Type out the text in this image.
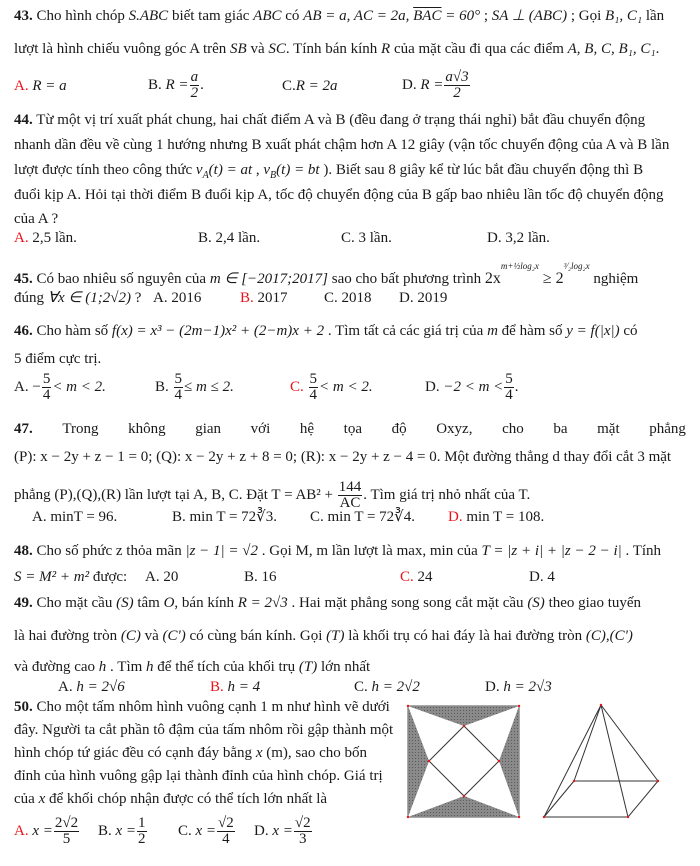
43. Cho hình chóp S.ABC biết tam giác ABC có AB = a, AC = 2a, $\overline{BAC} = 60^\circ$ ; SA ⊥ (ABC) ; Gọi B₁, C₁ lần
lượt là hình chiếu vuông góc A trên SB và SC. Tính bán kính R của mặt cầu đi qua các điểm A, B, C, B₁, C₁.
A. R = a	B. $R = \frac{a}{2}$ .	C.R = 2a	D. $R = \frac{a√3}{2}$
44. Từ một vị trí xuất phát chung, hai chất điểm A và B (đều đang ở trạng thái nghỉ) bắt đầu chuyển động
nhanh dần đều về cùng 1 hướng nhưng B xuất phát chậm hơn A 12 giây (vận tốc chuyển động của A và B lần
lượt được tính theo công thức $v_A(t)$ = at , $v_B(t)$ = bt ). Biết sau 8 giây kể từ lúc bắt đầu chuyển động thì B
đuổi kịp A. Hỏi tại thời điểm B đuổi kịp A, tốc độ chuyển động của B gấp bao nhiêu lần tốc độ chuyển động
của A ?
A. 2,5 lần.	B. 2,4 lần.	C. 3 lần.	D. 3,2 lần.
45. Có bao nhiêu số nguyên của m ∈ [−2017;2017] sao cho bất phương trình $2x^{m+\frac{1}{2}log_2x} \ge 2^{^3⁄_2log_2x}$ nghiệm
đúng ∀x ∈ (1;2√2) ? A. 2016	B. 2017 C. 2018 D. 2019
46. Cho hàm số f(x) = x³ − (2m−1)x² + (2−m)x + 2 . Tìm tất cả các giá trị của m để hàm số y = f(|x|) có
5 điểm cực trị.
A. − $\frac{5}{4} < m < 2$.	B. $\frac{5}{4} \le m \le 2$.	C. $\frac{5}{4} < m < 2$.	D. $-2 < m < \frac{5}{4}$ .
47. Trong không gian với hệ tọa độ Oxyz, cho ba mặt phẳng
(P): x − 2y + z − 1 = 0; (Q): x − 2y + z + 8 = 0; (R): x − 2y + z − 4 = 0. Một đường thẳng d thay đổi cắt 3 mặt
phẳng (P),(Q),(R) lần lượt tại A, B, C. Đặt $T = AB^2 + \frac{144}{AC}$ . Tìm giá trị nhỏ nhất của T.
A. minT = 96.	B. min T = 72∛3. C. min T = 72∛4. D. min T = 108.
48. Cho số phức z thỏa mãn |z − 1| = √2 . Gọi M, m lần lượt là max, min của T = |z + i| + |z − 2 − i| . Tính
S = M² + m² được: A. 20	B. 16	C. 24	D. 4
49. Cho mặt cầu (S) tâm O, bán kính R = 2√3 . Hai mặt phẳng song song cắt mặt cầu (S) theo giao tuyến
là hai đường tròn (C) và (C') có cùng bán kính. Gọi (T) là khối trụ có hai đáy là hai đường tròn (C),(C')
và đường cao h . Tìm h để thể tích của khối trụ (T) lớn nhất
A. h = 2√6	B. h = 4	C. h = 2√2	D. h = 2√3
50. Cho một tấm nhôm hình vuông cạnh 1 m như hình vẽ dưới
đây. Người ta cắt phần tô đậm của tấm nhôm rồi gập thành một
hình chóp tứ giác đều có cạnh đáy bằng x (m), sao cho bốn
đỉnh của hình vuông gập lại thành đỉnh của hình chóp. Giá trị
của x để khối chóp nhận được có thể tích lớn nhất là
A. $x = \frac{2√2}{5} B$. $x = \frac{1}{2} C$. $x = \frac{√2}{4} D$. $x = \frac{√2}{3}$
